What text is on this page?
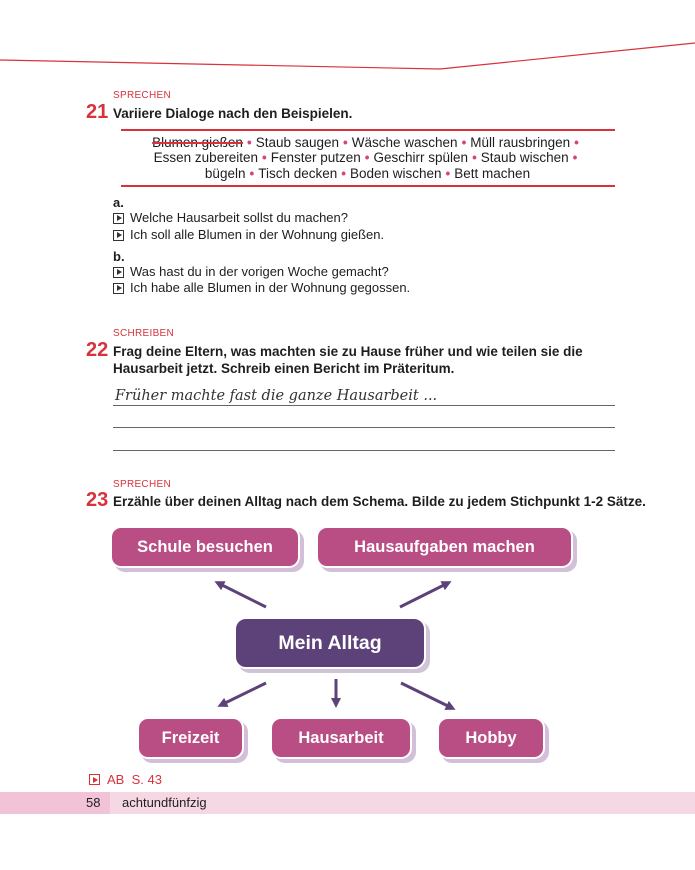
SPRECHEN
21 Variiere Dialoge nach den Beispielen.
Blumen gießen • Staub saugen • Wäsche waschen • Müll rausbringen •
Essen zubereiten • Fenster putzen • Geschirr spülen • Staub wischen •
bügeln • Tisch decken • Boden wischen • Bett machen
a.
Welche Hausarbeit sollst du machen?
Ich soll alle Blumen in der Wohnung gießen.
b.
Was hast du in der vorigen Woche gemacht?
Ich habe alle Blumen in der Wohnung gegossen.
SCHREIBEN
22 Frag deine Eltern, was machten sie zu Hause früher und wie teilen sie die
Hausarbeit jetzt. Schreib einen Bericht im Präteritum.
Früher machte fast die ganze Hausarbeit ...
SPRECHEN
23 Erzähle über deinen Alltag nach dem Schema. Bilde zu jedem Stichpunkt 1-2 Sätze.
Schule besuchen	Hausaufgaben machen
Mein Alltag
Freizeit	Hausarbeit	Hobby
AB  S. 43
58 achtundfünfzig
